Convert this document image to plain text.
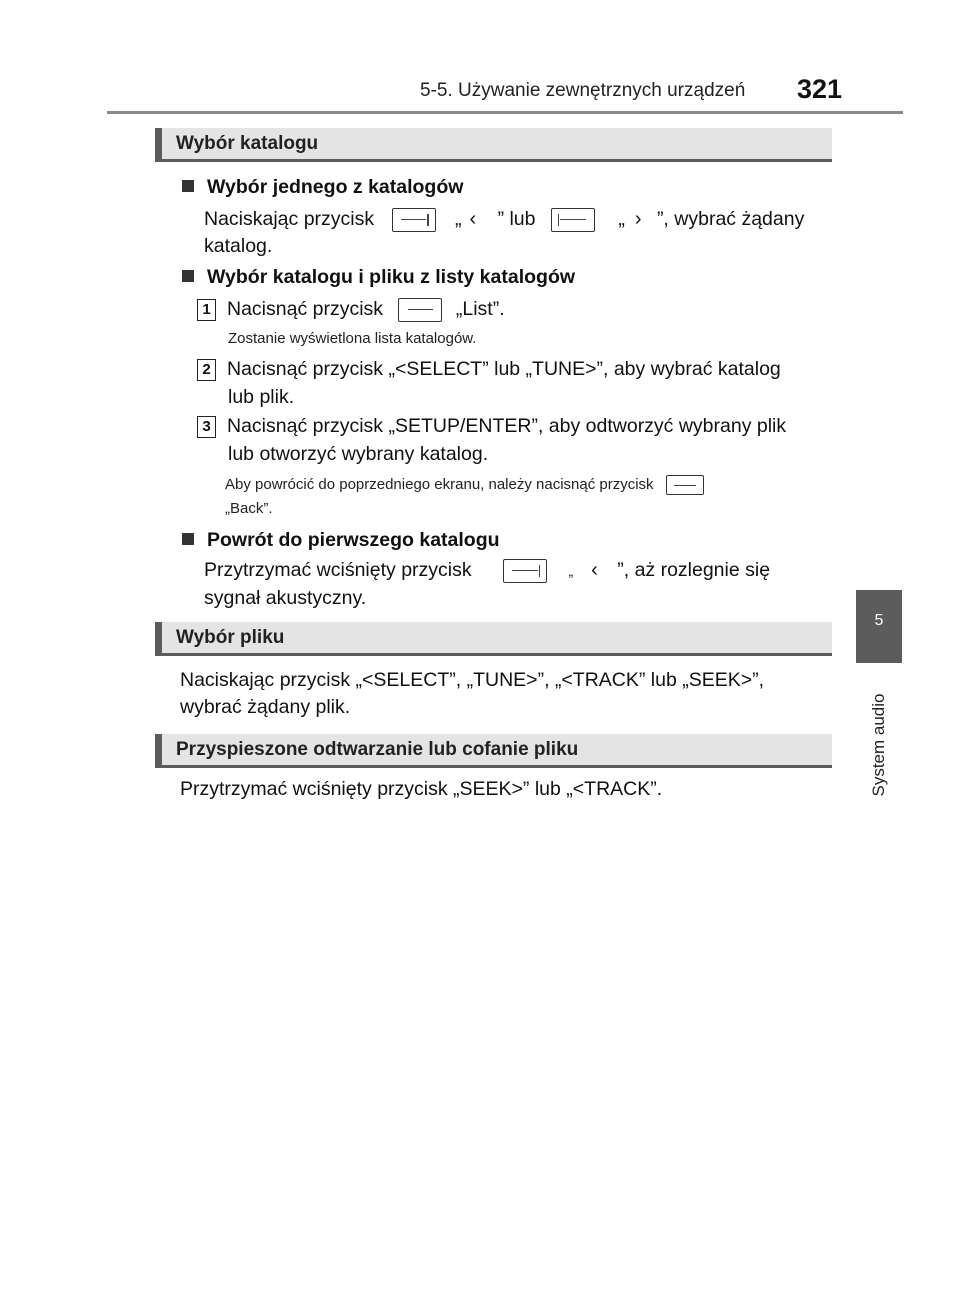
5-5. Używanie zewnętrznych urządzeń 321
5
System audio
Wybór katalogu
Wybór jednego z katalogów
Naciskając przycisk	„ ‹ ” lub	„ › ”, wybrać żądany
katalog.
Wybór katalogu i pliku z listy katalogów
1 Nacisnąć przycisk	„List”.
Zostanie wyświetlona lista katalogów.
2 Nacisnąć przycisk „<SELECT” lub „TUNE>”, aby wybrać katalog
lub plik.
3 Nacisnąć przycisk „SETUP/ENTER”, aby odtworzyć wybrany plik
lub otworzyć wybrany katalog.
Aby powrócić do poprzedniego ekranu, należy nacisnąć przycisk
„Back”.
Powrót do pierwszego katalogu
Przytrzymać wciśnięty przycisk	„ ‹ ”, aż rozlegnie się
sygnał akustyczny.
Wybór pliku
Naciskając przycisk „<SELECT”, „TUNE>”, „<TRACK” lub „SEEK>”,
wybrać żądany plik.
Przyspieszone odtwarzanie lub cofanie pliku
Przytrzymać wciśnięty przycisk „SEEK>” lub „<TRACK”.
